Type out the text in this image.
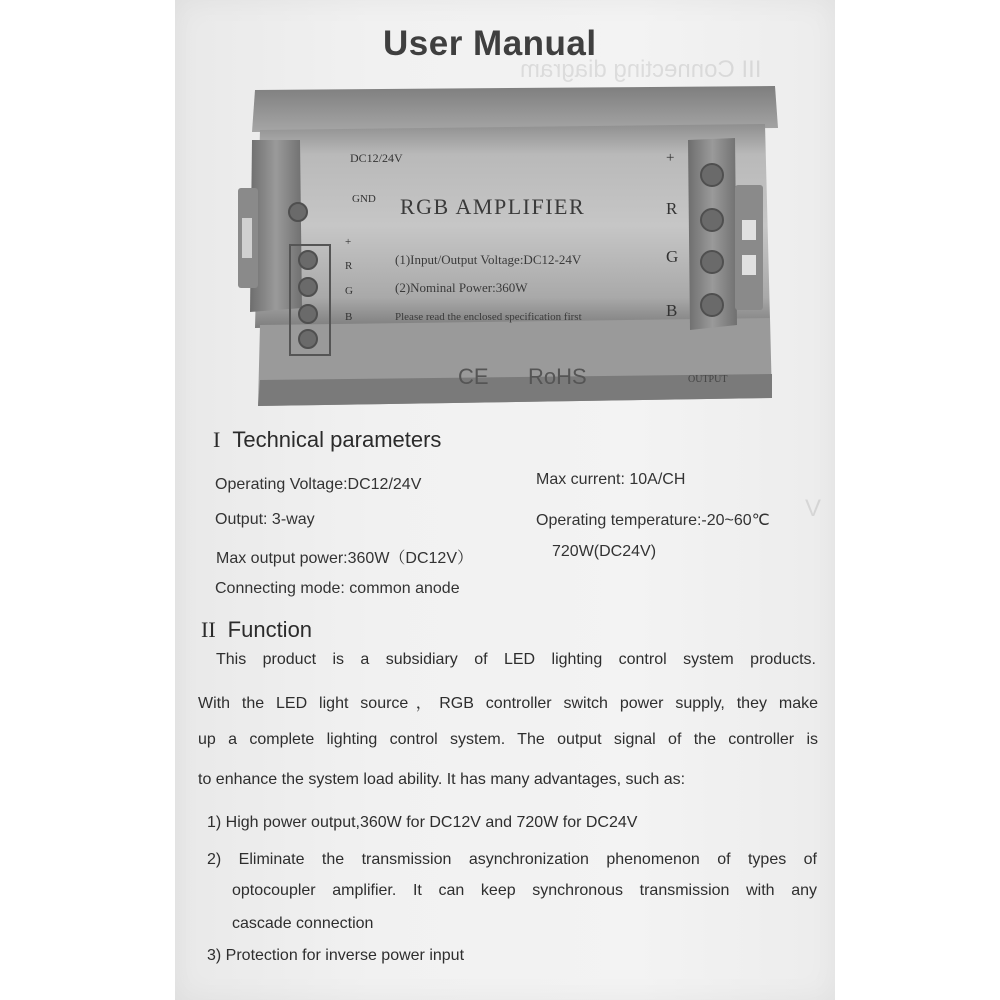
III Connecting diagram
V
User Manual
DC12/24V
GND RGB AMPLIFIER
(1)Input/Output Voltage:DC12-24V
(2)Nominal Power:360W
Please read the enclosed specification first
CE RoHS	OUTPUT
+
R
G
B
+
R
G
B
I Technical parameters
Operating Voltage:DC12/24V	Max current: 10A/CH
Output: 3-way	Operating temperature:-20~60℃
Max output power:360W（DC12V）	720W(DC24V)
Connecting mode: common anode
II Function
This product is a subsidiary of LED lighting control system products.
With the LED light source，RGB controller switch power supply, they make
up a complete lighting control system. The output signal of the controller is
to enhance the system load ability. It has many advantages, such as:
1) High power output,360W for DC12V and 720W for DC24V
2) Eliminate the transmission asynchronization phenomenon of types of
optocoupler amplifier. It can keep synchronous transmission with any
cascade connection
3) Protection for inverse power input
